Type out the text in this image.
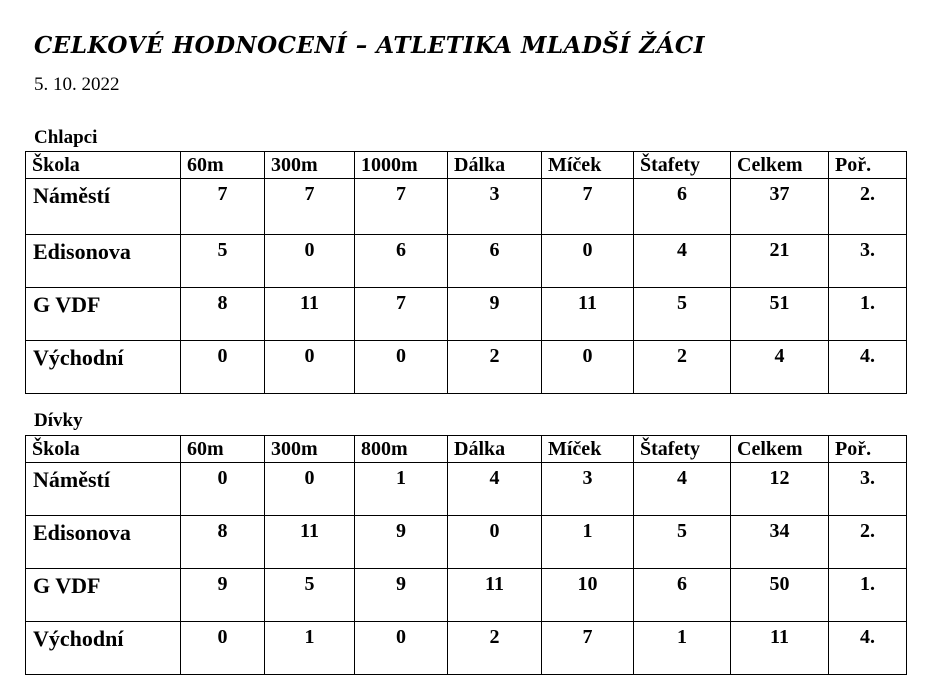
CELKOVÉ HODNOCENÍ – ATLETIKA MLADŠÍ ŽÁCI
5. 10. 2022
Chlapci
Škola	60m	300m	1000m	Dálka	Míček	Štafety	Celkem	Poř.
Náměstí	7	7	7	3	7	6	37	2.
Edisonova	5	0	6	6	0	4	21	3.
G VDF	8	11	7	9	11	5	51	1.
Východní	0	0	0	2	0	2	4	4.
Dívky
Škola	60m	300m	800m	Dálka	Míček	Štafety	Celkem	Poř.
Náměstí	0	0	1	4	3	4	12	3.
Edisonova	8	11	9	0	1	5	34	2.
G VDF	9	5	9	11	10	6	50	1.
Východní	0	1	0	2	7	1	11	4.
